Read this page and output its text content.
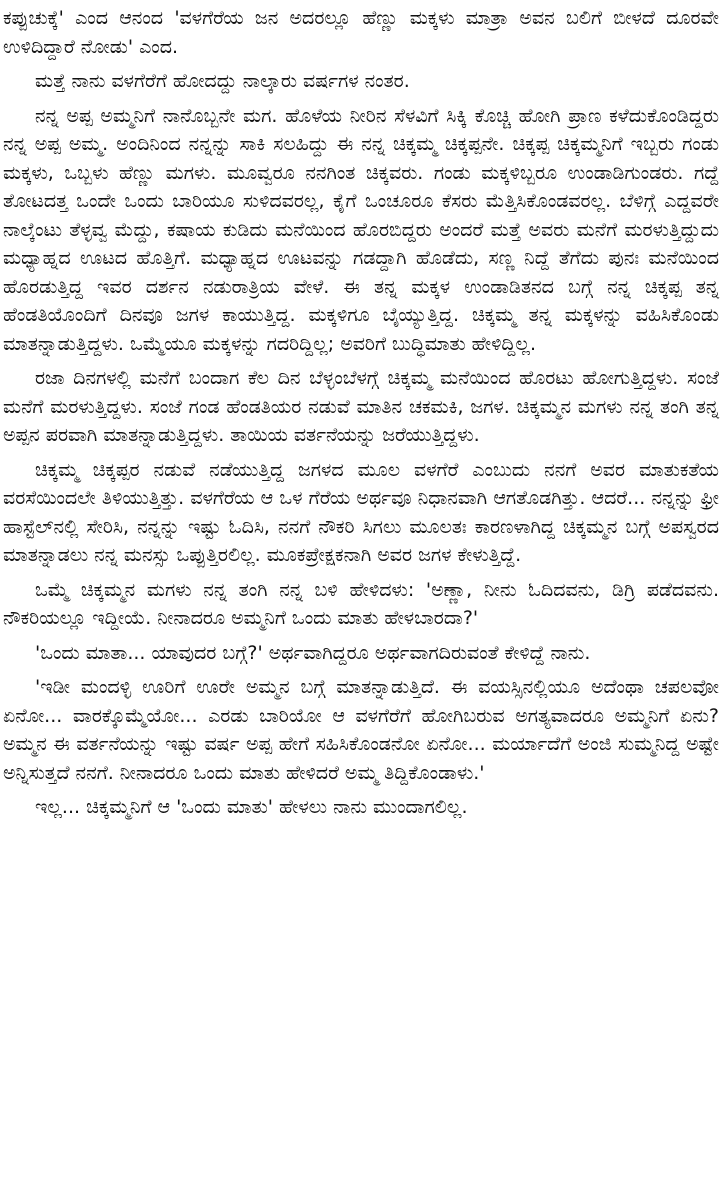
ಕಪ್ಪುಚುಕ್ಕೆ' ಎಂದ ಆನಂದ 'ವಳಗೆರೆಯ ಜನ ಅದರಲ್ಲೂ ಹೆಣ್ಣು ಮಕ್ಕಳು ಮಾತ್ರಾ ಅವನ ಬಲಿಗೆ ಬೀಳದೆ ದೂರವೇ ಉಳಿದಿದ್ದಾರೆ ನೋಡು' ಎಂದ.

ಮತ್ತೆ ನಾನು ವಳಗೆರೆಗೆ ಹೋದದ್ದು ನಾಲ್ಕಾರು ವರ್ಷಗಳ ನಂತರ.

ನನ್ನ ಅಪ್ಪ ಅಮ್ಮನಿಗೆ ನಾನೊಬ್ಬನೇ ಮಗ. ಹೊಳೆಯ ನೀರಿನ ಸೆಳವಿಗೆ ಸಿಕ್ಕಿ ಕೊಚ್ಚಿ ಹೋಗಿ ಪ್ರಾಣ ಕಳೆದುಕೊಂಡಿದ್ದರು ನನ್ನ ಅಪ್ಪ ಅಮ್ಮ. ಅಂದಿನಿಂದ ನನ್ನನ್ನು ಸಾಕಿ ಸಲಹಿದ್ದು ಈ ನನ್ನ ಚಿಕ್ಕಮ್ಮ ಚಿಕ್ಕಪ್ಪನೇ. ಚಿಕ್ಕಪ್ಪ ಚಿಕ್ಕಮ್ಮನಿಗೆ ಇಬ್ಬರು ಗಂಡು ಮಕ್ಕಳು, ಒಬ್ಬಳು ಹೆಣ್ಣು ಮಗಳು. ಮೂವ್ವರೂ ನನಗಿಂತ ಚಿಕ್ಕವರು. ಗಂಡು ಮಕ್ಕಳಿಬ್ಬರೂ ಉಂಡಾಡಿಗುಂಡರು. ಗದ್ದೆ ತೋಟದತ್ತ ಒಂದೇ ಒಂದು ಬಾರಿಯೂ ಸುಳಿದವರಲ್ಲ, ಕೈಗೆ ಒಂಚೂರೂ ಕೆಸರು ಮೆತ್ತಿಸಿಕೊಂಡವರಲ್ಲ. ಬೆಳಿಗ್ಗೆ ಎದ್ದವರೇ ನಾಲ್ಕೆಂಟು ತೆಳ್ಳವ್ವ ಮೆದ್ದು, ಕಷಾಯ ಕುಡಿದು ಮನೆಯಿಂದ ಹೊರಬಿದ್ದರು ಅಂದರೆ ಮತ್ತೆ ಅವರು ಮನೆಗೆ ಮರಳುತ್ತಿದ್ದುದು ಮಧ್ಯಾಹ್ನದ ಊಟದ ಹೊತ್ತಿಗೆ. ಮಧ್ಯಾಹ್ನದ ಊಟವನ್ನು ಗಡದ್ದಾಗಿ ಹೊಡೆದು, ಸಣ್ಣ ನಿದ್ದೆ ತೆಗೆದು ಪುನಃ ಮನೆಯಿಂದ ಹೊರಡುತ್ತಿದ್ದ ಇವರ ದರ್ಶನ ನಡುರಾತ್ರಿಯ ವೇಳೆ. ಈ ತನ್ನ ಮಕ್ಕಳ ಉಂಡಾಡಿತನದ ಬಗ್ಗೆ ನನ್ನ ಚಿಕ್ಕಪ್ಪ ತನ್ನ ಹೆಂಡತಿಯೊಂದಿಗೆ ದಿನವೂ ಜಗಳ ಕಾಯುತ್ತಿದ್ದ. ಮಕ್ಕಳಿಗೂ ಬೈಯ್ಯುತ್ತಿದ್ದ. ಚಿಕ್ಕಮ್ಮ ತನ್ನ ಮಕ್ಕಳನ್ನು ವಹಿಸಿಕೊಂಡು ಮಾತನ್ನಾಡುತ್ತಿದ್ದಳು. ಒಮ್ಮೆಯೂ ಮಕ್ಕಳನ್ನು ಗದರಿದ್ದಿಲ್ಲ; ಅವರಿಗೆ ಬುದ್ಧಿಮಾತು ಹೇಳಿದ್ದಿಲ್ಲ.

ರಜಾ ದಿನಗಳಲ್ಲಿ ಮನೆಗೆ ಬಂದಾಗ ಕೆಲ ದಿನ ಬೆಳ್ಳಂಬೆಳಗ್ಗೆ ಚಿಕ್ಕಮ್ಮ ಮನೆಯಿಂದ ಹೊರಟು ಹೋಗುತ್ತಿದ್ದಳು. ಸಂಜೆ ಮನೆಗೆ ಮರಳುತ್ತಿದ್ದಳು. ಸಂಜೆ ಗಂಡ ಹೆಂಡತಿಯರ ನಡುವೆ ಮಾತಿನ ಚಕಮಕಿ, ಜಗಳ. ಚಿಕ್ಕಮ್ಮನ ಮಗಳು ನನ್ನ ತಂಗಿ ತನ್ನ ಅಪ್ಪನ ಪರವಾಗಿ ಮಾತನ್ನಾಡುತ್ತಿದ್ದಳು. ತಾಯಿಯ ವರ್ತನೆಯನ್ನು ಜರೆಯುತ್ತಿದ್ದಳು.

ಚಿಕ್ಕಮ್ಮ ಚಿಕ್ಕಪ್ಪರ ನಡುವೆ ನಡೆಯುತ್ತಿದ್ದ ಜಗಳದ ಮೂಲ ವಳಗೆರೆ ಎಂಬುದು ನನಗೆ ಅವರ ಮಾತುಕತೆಯ ವರಸೆಯಿಂದಲೇ ತಿಳಿಯುತ್ತಿತ್ತು. ವಳಗೆರೆಯ ಆ ಒಳ ಗೆರೆಯ ಅರ್ಥವೂ ನಿಧಾನವಾಗಿ ಆಗತೊಡಗಿತ್ತು. ಆದರೆ... ನನ್ನನ್ನು ಫ್ರೀ ಹಾಸ್ಟೆಲ್‌ನಲ್ಲಿ ಸೇರಿಸಿ, ನನ್ನನ್ನು ಇಷ್ಟು ಓದಿಸಿ, ನನಗೆ ನೌಕರಿ ಸಿಗಲು ಮೂಲತಃ ಕಾರಣಳಾಗಿದ್ದ ಚಿಕ್ಕಮ್ಮನ ಬಗ್ಗೆ ಅಪಸ್ವರದ ಮಾತನ್ನಾಡಲು ನನ್ನ ಮನಸ್ಸು ಒಪ್ಪುತ್ತಿರಲಿಲ್ಲ. ಮೂಕಪ್ರೇಕ್ಷಕನಾಗಿ ಅವರ ಜಗಳ ಕೇಳುತ್ತಿದ್ದೆ.

ಒಮ್ಮೆ ಚಿಕ್ಕಮ್ಮನ ಮಗಳು ನನ್ನ ತಂಗಿ ನನ್ನ ಬಳಿ ಹೇಳಿದಳು: 'ಅಣ್ಣಾ, ನೀನು ಓದಿದವನು, ಡಿಗ್ರಿ ಪಡೆದವನು. ನೌಕರಿಯಲ್ಲೂ ಇದ್ದೀಯೆ. ನೀನಾದರೂ ಅಮ್ಮನಿಗೆ ಒಂದು ಮಾತು ಹೇಳಬಾರದಾ?'

'ಒಂದು ಮಾತಾ... ಯಾವುದರ ಬಗ್ಗೆ?' ಅರ್ಥವಾಗಿದ್ದರೂ ಅರ್ಥವಾಗದಿರುವಂತೆ ಕೇಳಿದ್ದೆ ನಾನು.

'ಇಡೀ ಮಂದಳ್ಳಿ ಊರಿಗೆ ಊರೇ ಅಮ್ಮನ ಬಗ್ಗೆ ಮಾತನ್ನಾಡುತ್ತಿದೆ. ಈ ವಯಸ್ಸಿನಲ್ಲಿಯೂ ಅದೆಂಥಾ ಚಪಲವೋ ಏನೋ... ವಾರಕ್ಕೊಮ್ಮೆಯೋ... ಎರಡು ಬಾರಿಯೋ ಆ ವಳಗೆರೆಗೆ ಹೋಗಿಬರುವ ಅಗತ್ಯವಾದರೂ ಅಮ್ಮನಿಗೆ ಏನು? ಅಮ್ಮನ ಈ ವರ್ತನೆಯನ್ನು ಇಷ್ಟು ವರ್ಷ ಅಪ್ಪ ಹೇಗೆ ಸಹಿಸಿಕೊಂಡನೋ ಏನೋ... ಮರ್ಯಾದೆಗೆ ಅಂಜಿ ಸುಮ್ಮನಿದ್ದ ಅಷ್ಟೇ ಅನ್ನಿಸುತ್ತದೆ ನನಗೆ. ನೀನಾದರೂ ಒಂದು ಮಾತು ಹೇಳಿದರೆ ಅಮ್ಮ ತಿದ್ದಿಕೊಂಡಾಳು.'

ಇಲ್ಲ... ಚಿಕ್ಕಮ್ಮನಿಗೆ ಆ 'ಒಂದು ಮಾತು' ಹೇಳಲು ನಾನು ಮುಂದಾಗಲಿಲ್ಲ.
